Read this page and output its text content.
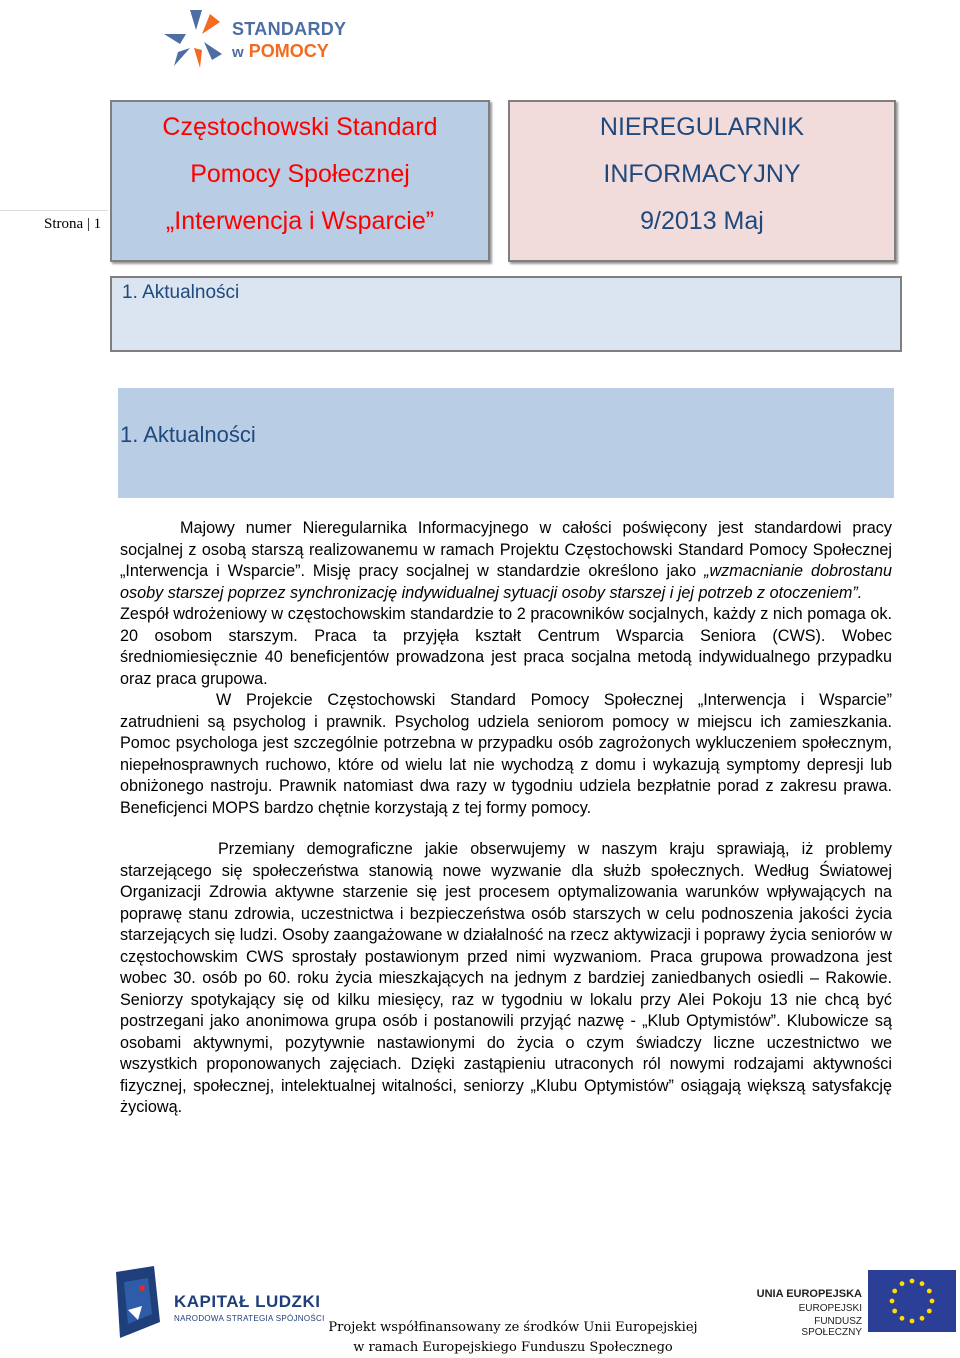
STANDARDY
w POMOCY
Strona | 1
Częstochowski Standard
Pomocy Społecznej
„Interwencja i Wsparcie”
NIEREGULARNIK
INFORMACYJNY
9/2013 Maj
1. Aktualności
1. Aktualności

Majowy numer Nieregularnika Informacyjnego w całości poświęcony jest standardowi pracy socjalnej z osobą starszą realizowanemu w ramach Projektu Częstochowski Standard Pomocy Społecznej „Interwencja i Wsparcie”. Misję pracy socjalnej w standardzie określono jako „wzmacnianie dobrostanu osoby starszej poprzez synchronizację indywidualnej sytuacji osoby starszej i jej potrzeb z otoczeniem”.

Zespół wdrożeniowy w częstochowskim standardzie to 2 pracowników socjalnych, każdy z nich pomaga ok. 20 osobom starszym. Praca ta przyjęła kształt Centrum Wsparcia Seniora (CWS). Wobec średniomiesięcznie 40 beneficjentów prowadzona jest praca socjalna metodą indywidualnego przypadku oraz praca grupowa.

W Projekcie Częstochowski Standard Pomocy Społecznej „Interwencja i Wsparcie” zatrudnieni są psycholog i prawnik. Psycholog udziela seniorom pomocy w miejscu ich zamieszkania. Pomoc psychologa jest szczególnie potrzebna w przypadku osób zagrożonych wykluczeniem społecznym, niepełnosprawnych ruchowo, które od wielu lat nie wychodzą z domu i wykazują symptomy depresji lub obniżonego nastroju. Prawnik natomiast dwa razy w tygodniu udziela bezpłatnie porad z zakresu prawa. Beneficjenci MOPS bardzo chętnie korzystają z tej formy pomocy.

Przemiany demograficzne jakie obserwujemy w naszym kraju sprawiają, iż problemy starzejącego się społeczeństwa stanowią nowe wyzwanie dla służb społecznych. Według Światowej Organizacji Zdrowia aktywne starzenie się jest procesem optymalizowania warunków wpływających na poprawę stanu zdrowia, uczestnictwa i bezpieczeństwa osób starszych w celu podnoszenia jakości życia starzejących się ludzi. Osoby zaangażowane w działalność na rzecz aktywizacji i poprawy życia seniorów w częstochowskim CWS sprostały postawionym przed nimi wyzwaniom. Praca grupowa prowadzona jest wobec 30. osób po 60. roku życia mieszkających na jednym z bardziej zaniedbanych osiedli – Rakowie. Seniorzy spotykający się od kilku miesięcy, raz w tygodniu w lokalu przy Alei Pokoju 13 nie chcą być postrzegani jako anonimowa grupa osób i postanowili przyjąć nazwę - „Klub Optymistów”. Klubowicze są osobami aktywnymi, pozytywnie nastawionymi do życia o czym świadczy liczne uczestnictwo we wszystkich proponowanych zajęciach. Dzięki zastąpieniu utraconych ról nowymi rodzajami aktywności fizycznej, społecznej, intelektualnej witalności, seniorzy „Klubu Optymistów” osiągają większą satysfakcję życiową.

KAPITAŁ LUDZKI
NARODOWA STRATEGIA SPÓJNOŚCI
Projekt współfinansowany ze środków Unii Europejskiej
w ramach Europejskiego Funduszu Społecznego
UNIA EUROPEJSKA
EUROPEJSKI
FUNDUSZ SPOŁECZNY
